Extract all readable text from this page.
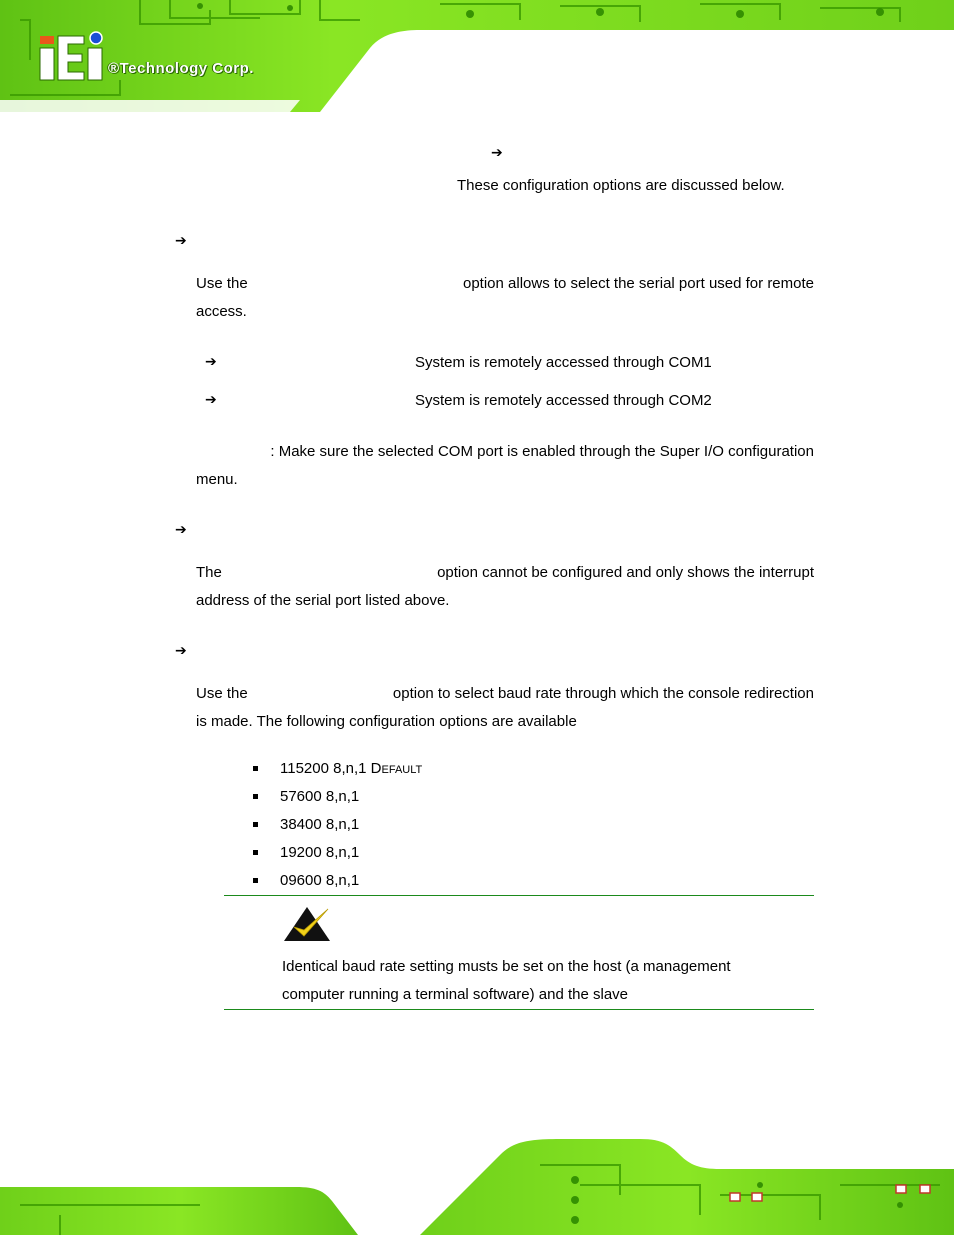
®Technology Corp.
➔
These configuration options are discussed below.
➔
Use the	option allows to select the serial port used for remote
access.
➔	System is remotely accessed through COM1
➔	System is remotely accessed through COM2
: Make sure the selected COM port is enabled through the Super I/O configuration
menu.
➔
The	option cannot be configured and only shows the interrupt
address of the serial port listed above.
➔
Use the	option to select baud rate through which the console redirection
is made. The following configuration options are available
115200 8,n,1 Default
57600 8,n,1
38400 8,n,1
19200 8,n,1
09600 8,n,1
Identical baud rate setting musts be set on the host (a management
computer running a terminal software) and the slave
